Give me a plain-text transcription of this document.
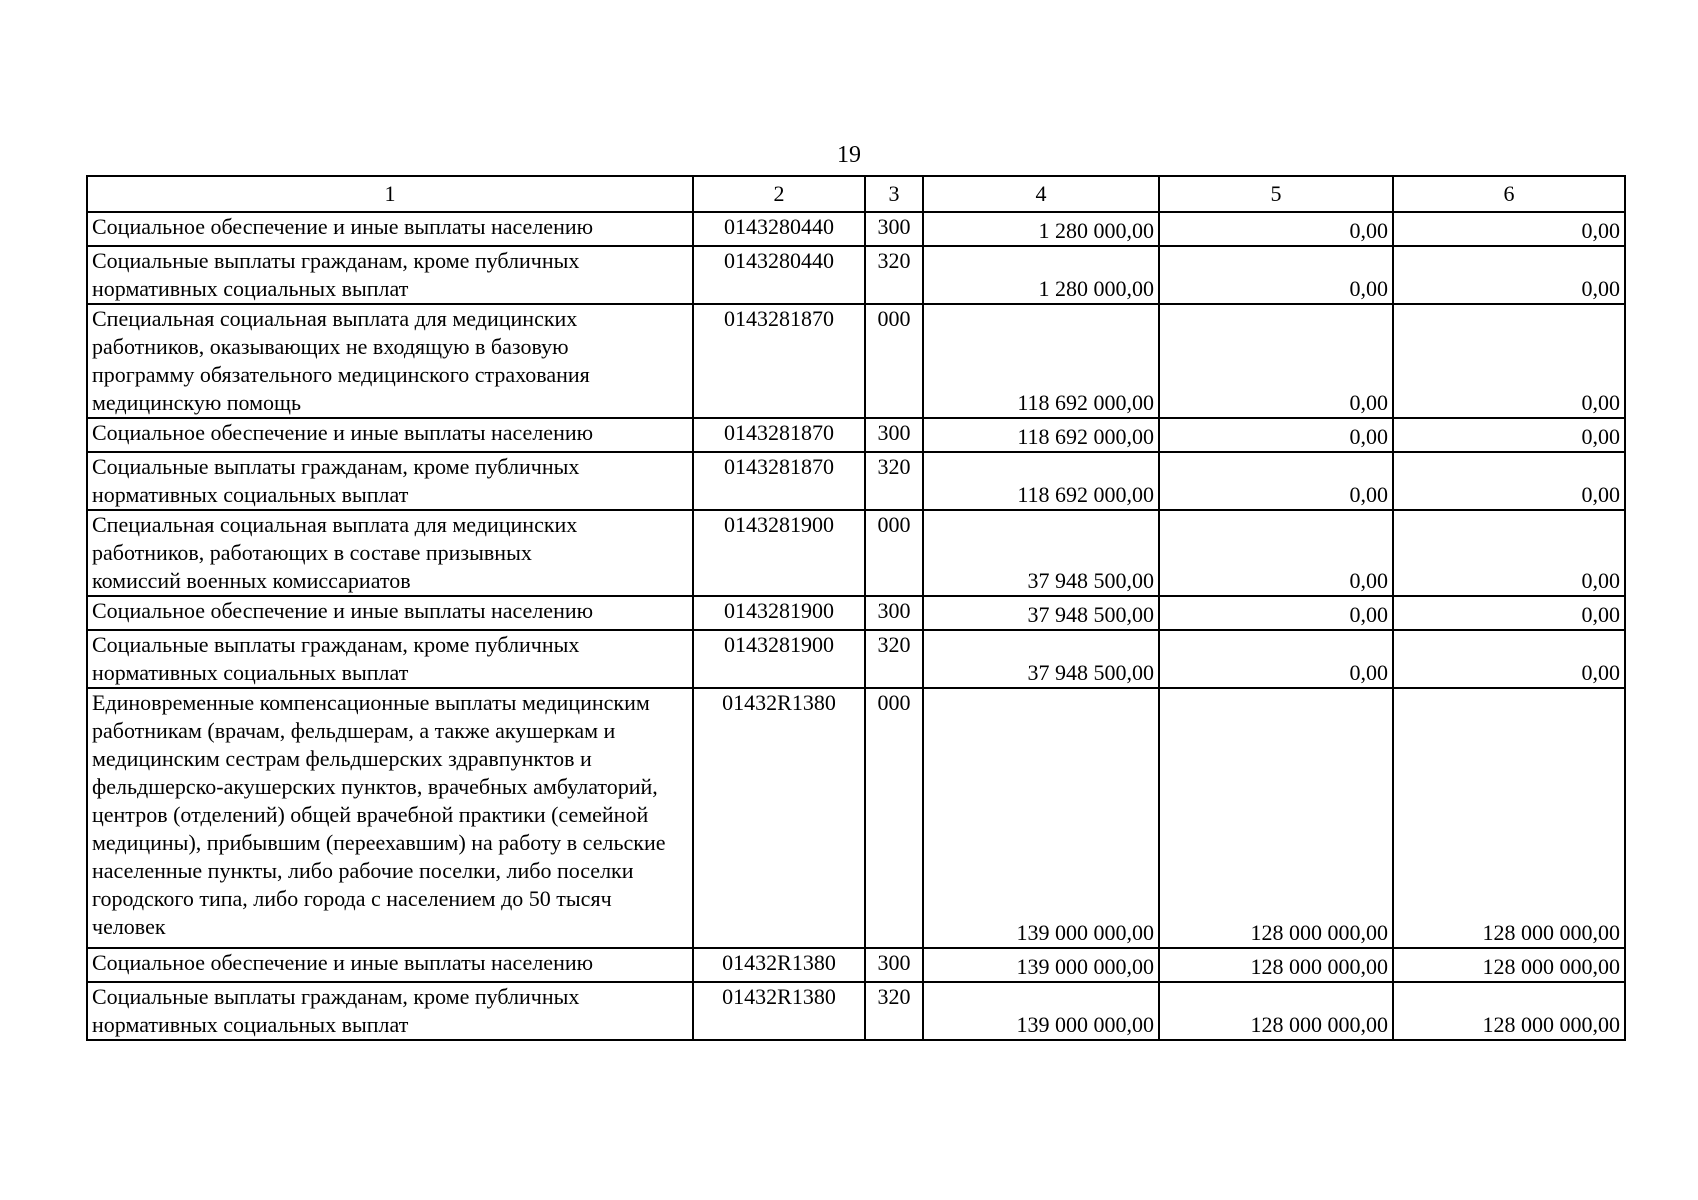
19
1	2	3	4	5	6
Социальное обеспечение и иные выплаты населению	0143280440	300	1 280 000,00	0,00	0,00
Социальные выплаты гражданам, кроме публичных
нормативных социальных выплат	0143280440	320	1 280 000,00	0,00	0,00
Специальная социальная выплата для медицинских
работников, оказывающих не входящую в базовую
программу обязательного медицинского страхования
медицинскую помощь	0143281870	000	118 692 000,00	0,00	0,00
Социальное обеспечение и иные выплаты населению	0143281870	300	118 692 000,00	0,00	0,00
Социальные выплаты гражданам, кроме публичных
нормативных социальных выплат	0143281870	320	118 692 000,00	0,00	0,00
Специальная социальная выплата для медицинских
работников, работающих в составе призывных
комиссий военных комиссариатов	0143281900	000	37 948 500,00	0,00	0,00
Социальное обеспечение и иные выплаты населению	0143281900	300	37 948 500,00	0,00	0,00
Социальные выплаты гражданам, кроме публичных
нормативных социальных выплат	0143281900	320	37 948 500,00	0,00	0,00
Единовременные компенсационные выплаты медицинским работникам (врачам, фельдшерам, а также акушеркам и медицинским сестрам фельдшерских здравпунктов и фельдшерско-акушерских пунктов, врачебных амбулаторий, центров (отделений) общей врачебной практики (семейной медицины), прибывшим (переехавшим) на работу в сельские населенные пункты, либо рабочие поселки, либо поселки городского типа, либо города с населением до 50 тысяч человек	01432R1380	000	139 000 000,00	128 000 000,00	128 000 000,00
Социальное обеспечение и иные выплаты населению	01432R1380	300	139 000 000,00	128 000 000,00	128 000 000,00
Социальные выплаты гражданам, кроме публичных
нормативных социальных выплат	01432R1380	320	139 000 000,00	128 000 000,00	128 000 000,00
